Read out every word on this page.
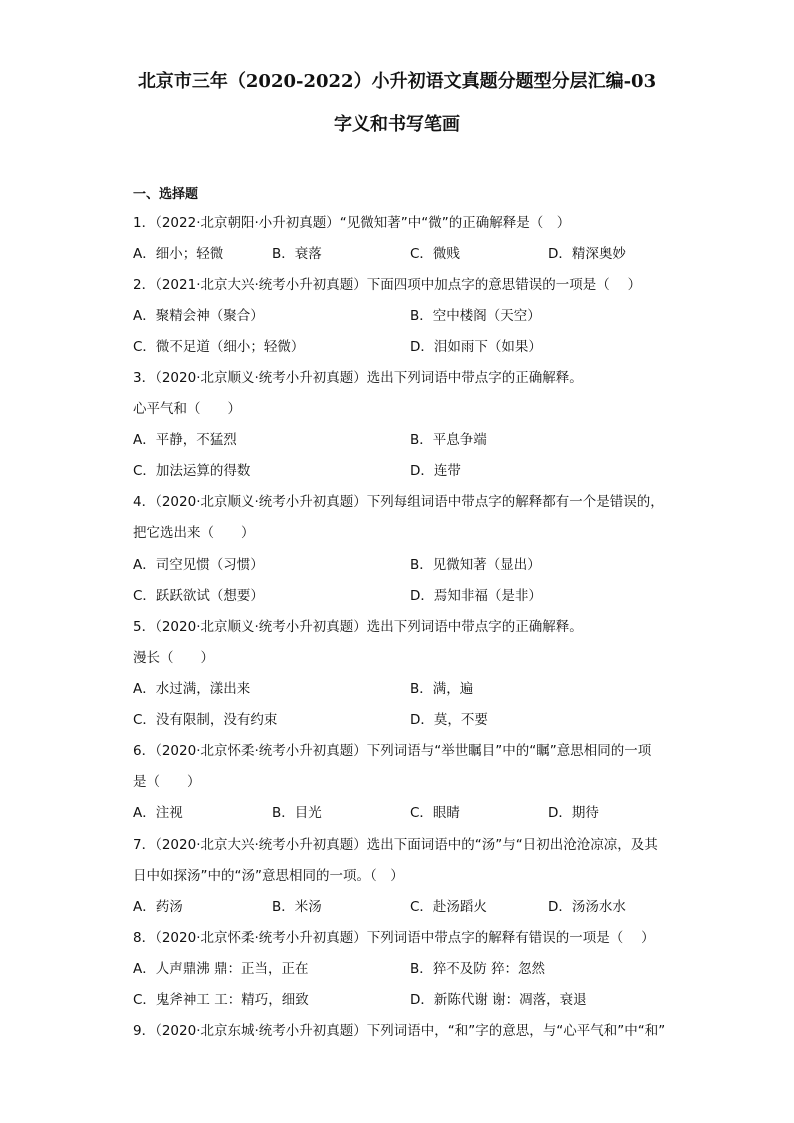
北京市三年（2020-2022）小升初语文真题分题型分层汇编-03
字义和书写笔画
一、选择题
1．（2022·北京朝阳·小升初真题）“见微知著”中“微”的正确解释是（　）
A．细小；轻微	B．衰落	C．微贱	D．精深奥妙
2．（2021·北京大兴·统考小升初真题）下面四项中加点字的意思错误的一项是（　 ）
A．聚精会神（聚合）	B．空中楼阁（天空）
C．微不足道（细小；轻微）	D．泪如雨下（如果）
3．（2020·北京顺义·统考小升初真题）选出下列词语中带点字的正确解释。
心平气和（　　）
A．平静，不猛烈	B．平息争端
C．加法运算的得数	D．连带
4．（2020·北京顺义·统考小升初真题）下列每组词语中带点字的解释都有一个是错误的，
把它选出来（　　）
A．司空见惯（习惯）	B．见微知著（显出）
C．跃跃欲试（想要）	D．焉知非福（是非）
5．（2020·北京顺义·统考小升初真题）选出下列词语中带点字的正确解释。
漫长（　　）
A．水过满，漾出来	B．满，遍
C．没有限制，没有约束	D．莫，不要
6．（2020·北京怀柔·统考小升初真题）下列词语与“举世瞩目”中的“瞩”意思相同的一项
是（　　）
A．注视	B．目光	C．眼睛	D．期待
7．（2020·北京大兴·统考小升初真题）选出下面词语中的“汤”与“日初出沧沧凉凉，及其
日中如探汤”中的“汤”意思相同的一项。（　）
A．药汤	B．米汤	C．赴汤蹈火	D．汤汤水水
8．（2020·北京怀柔·统考小升初真题）下列词语中带点字的解释有错误的一项是（　 ）
A．人声鼎沸 鼎：正当，正在	B．猝不及防 猝：忽然
C．鬼斧神工 工：精巧，细致	D．新陈代谢 谢：凋落，衰退
9．（2020·北京东城·统考小升初真题）下列词语中，“和”字的意思，与“心平气和”中“和”
